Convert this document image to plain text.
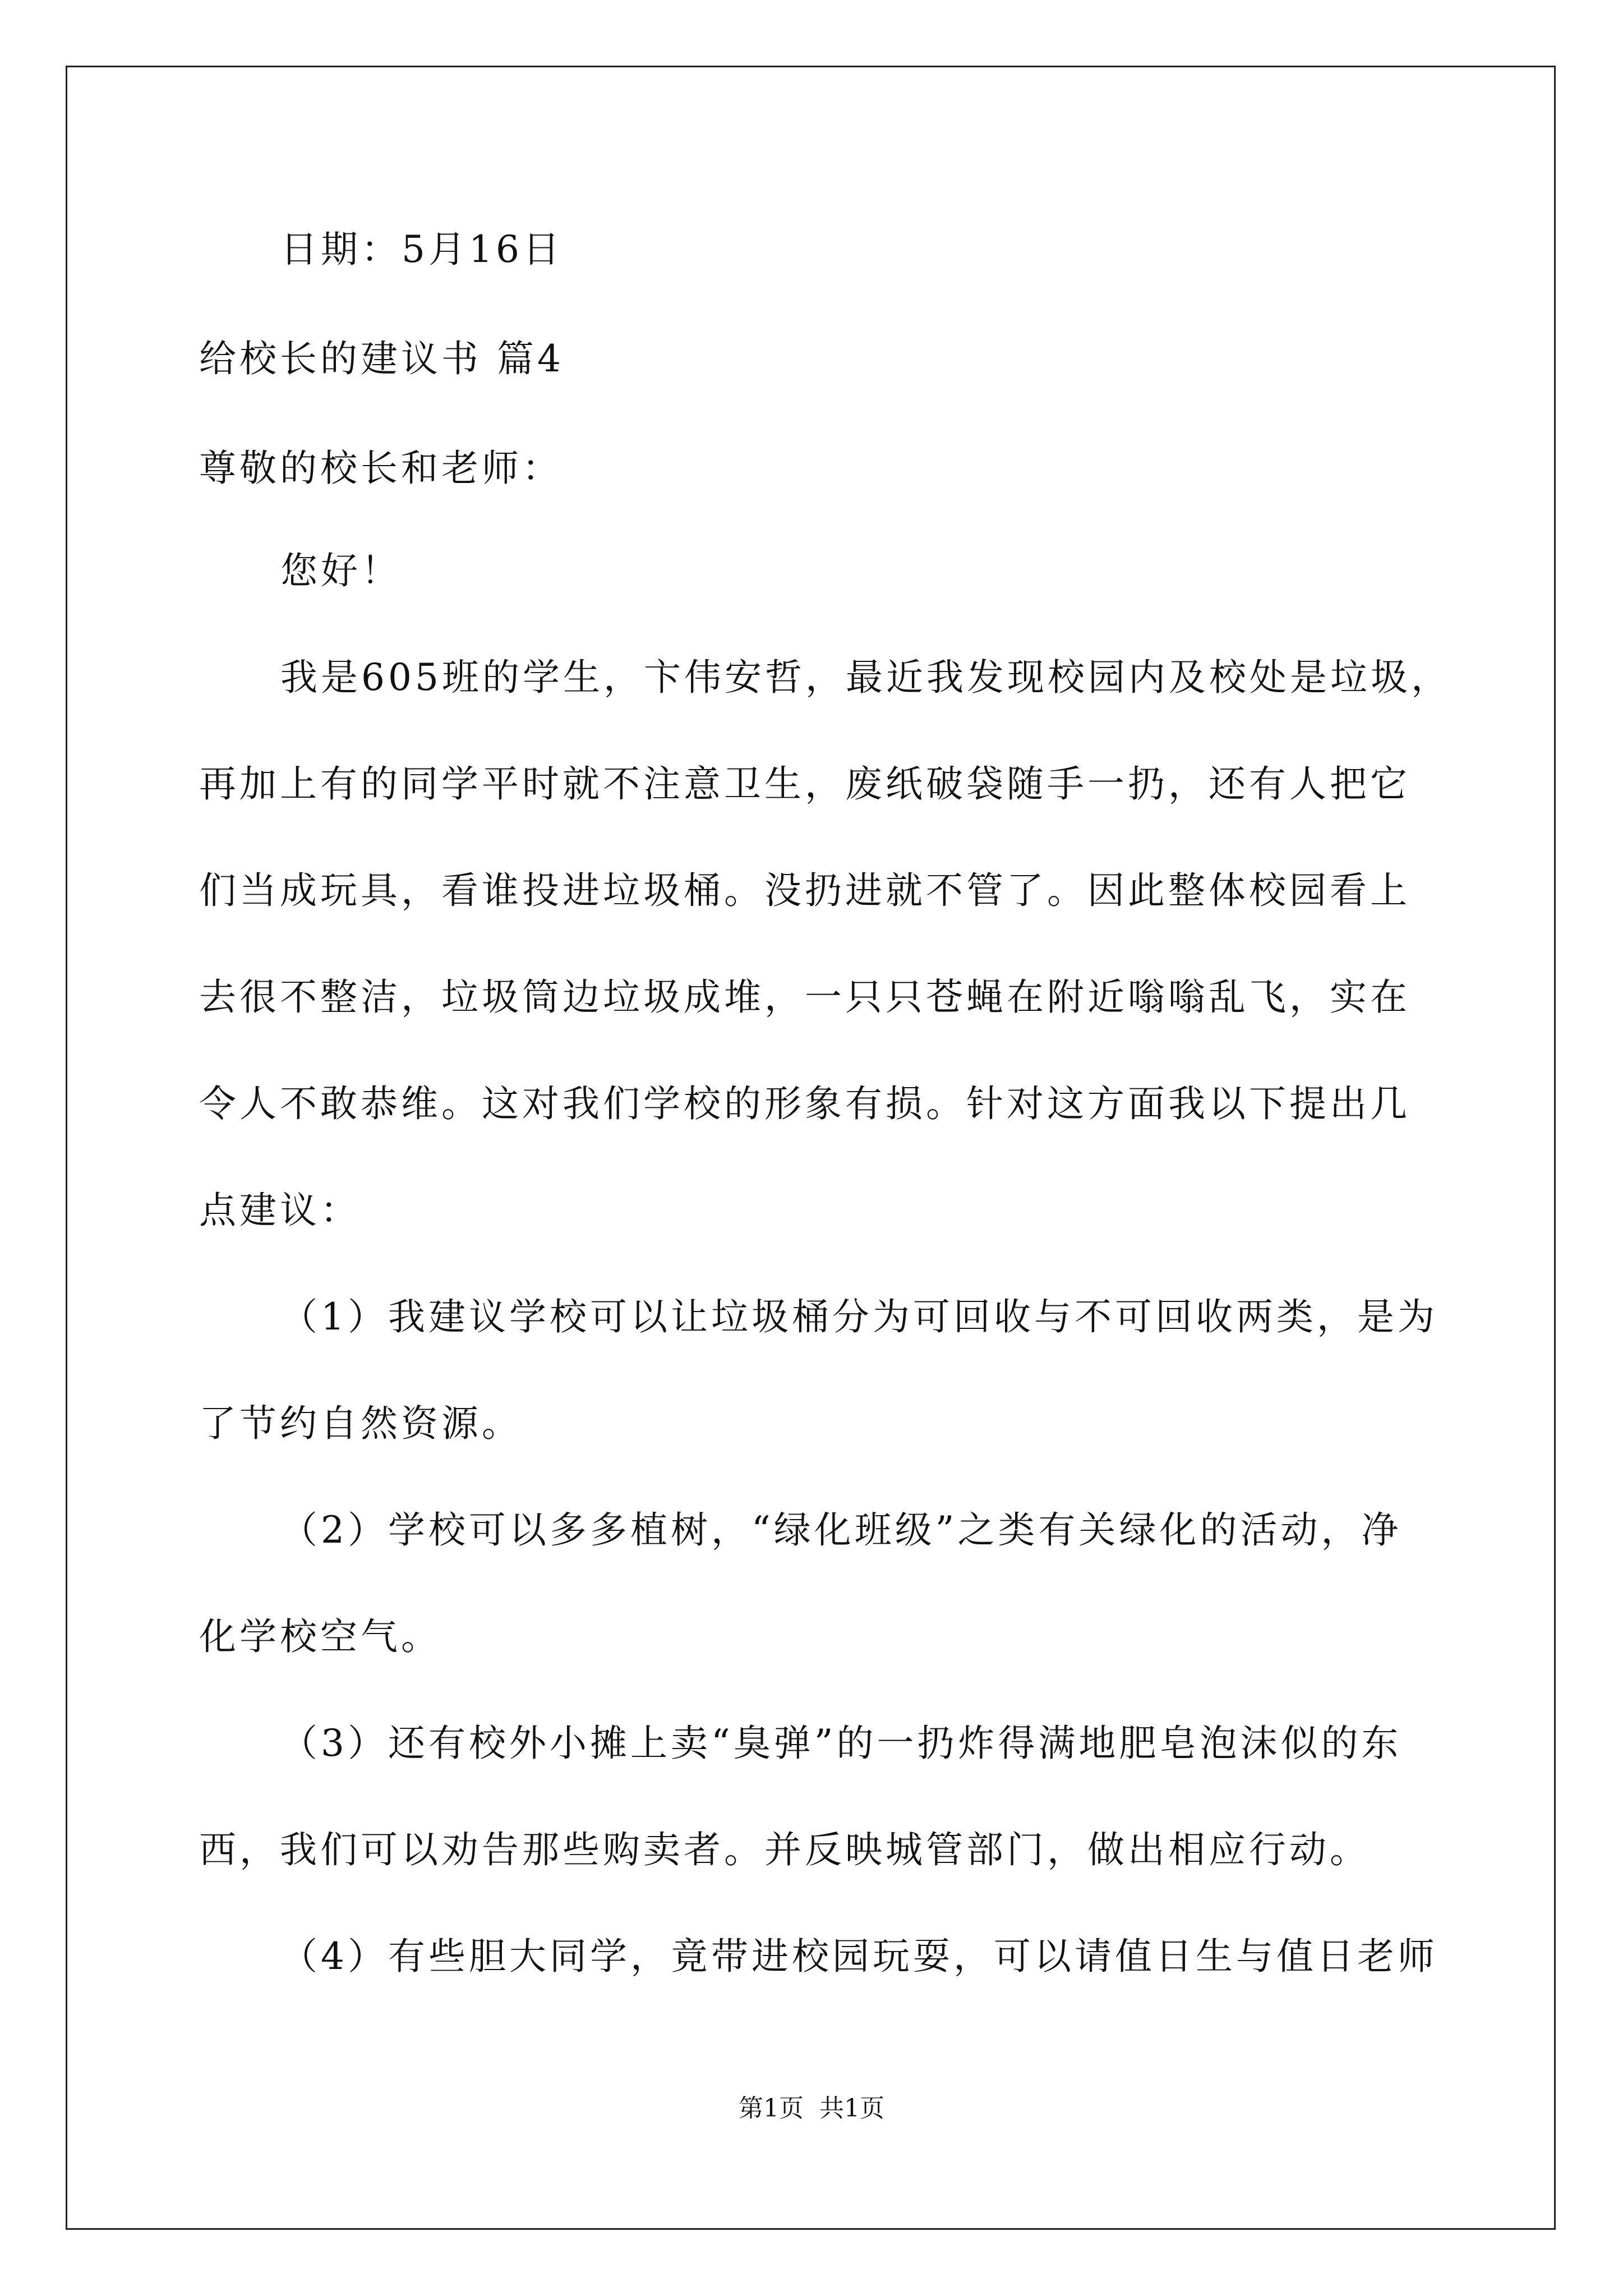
日期：5月16日
给校长的建议书 篇4
尊敬的校长和老师：
您好！
我是605班的学生，卞伟安哲，最近我发现校园内及校处是垃圾，
再加上有的同学平时就不注意卫生，废纸破袋随手一扔，还有人把它
们当成玩具，看谁投进垃圾桶。没扔进就不管了。因此整体校园看上
去很不整洁，垃圾筒边垃圾成堆，一只只苍蝇在附近嗡嗡乱飞，实在
令人不敢恭维。这对我们学校的形象有损。针对这方面我以下提出几
点建议：
（1）我建议学校可以让垃圾桶分为可回收与不可回收两类，是为
了节约自然资源。
（2）学校可以多多植树，“绿化班级”之类有关绿化的活动，净
化学校空气。
（3）还有校外小摊上卖“臭弹”的一扔炸得满地肥皂泡沫似的东
西，我们可以劝告那些购卖者。并反映城管部门，做出相应行动。
（4）有些胆大同学，竟带进校园玩耍，可以请值日生与值日老师
第1页  共1页
